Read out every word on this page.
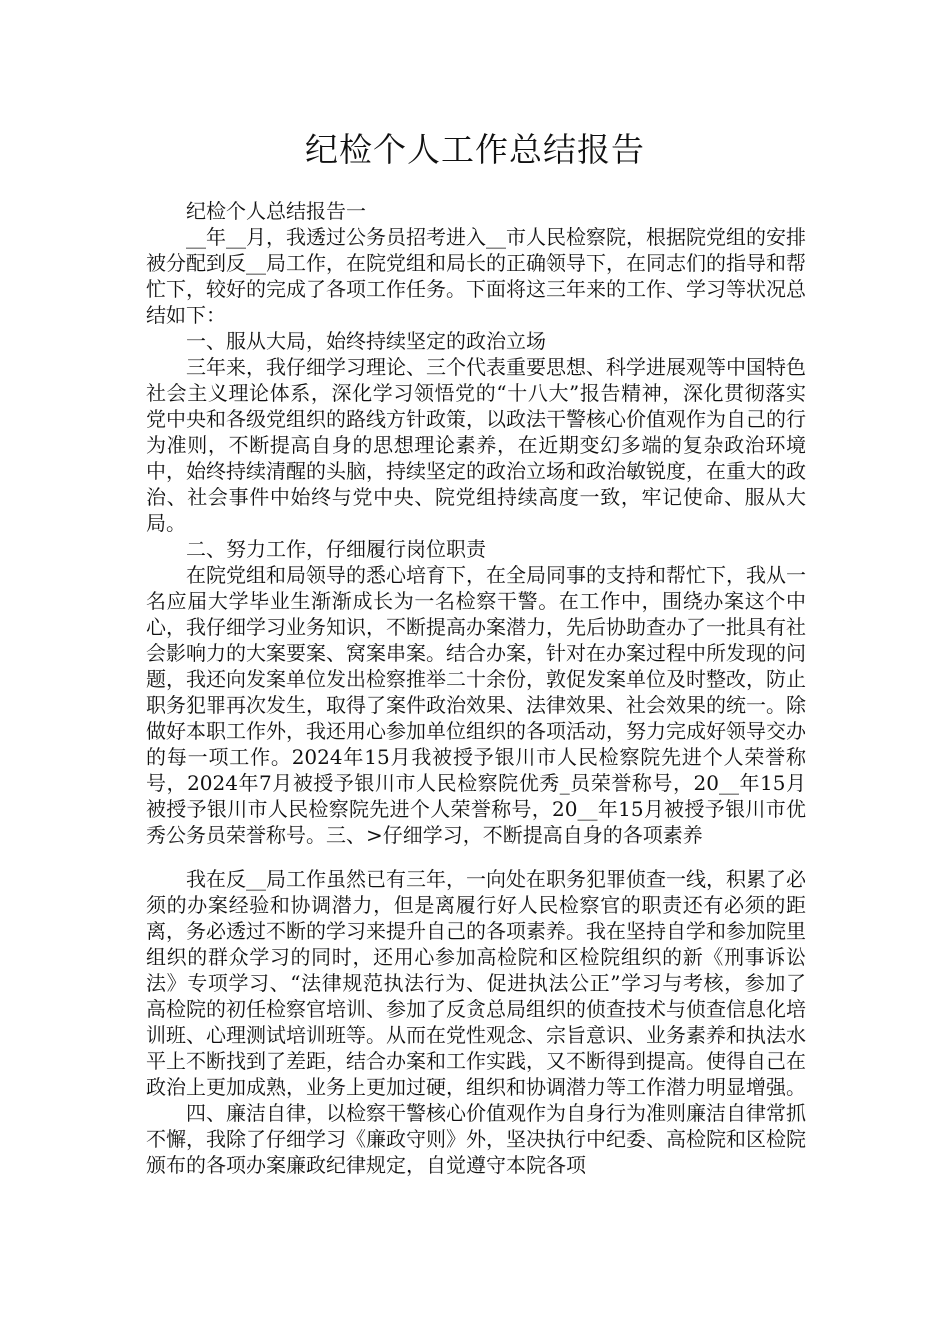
纪检个人工作总结报告

纪检个人总结报告一

__年__月，我透过公务员招考进入__市人民检察院，根据院党组的安排被分配到反__局工作，在院党组和局长的正确领导下，在同志们的指导和帮忙下，较好的完成了各项工作任务。下面将这三年来的工作、学习等状况总结如下：

一、服从大局，始终持续坚定的政治立场

三年来，我仔细学习理论、三个代表重要思想、科学进展观等中国特色社会主义理论体系，深化学习领悟党的“十八大”报告精神，深化贯彻落实党中央和各级党组织的路线方针政策，以政法干警核心价值观作为自己的行为准则，不断提高自身的思想理论素养，在近期变幻多端的复杂政治环境中，始终持续清醒的头脑，持续坚定的政治立场和政治敏锐度，在重大的政治、社会事件中始终与党中央、院党组持续高度一致，牢记使命、服从大局。

二、努力工作，仔细履行岗位职责

在院党组和局领导的悉心培育下，在全局同事的支持和帮忙下，我从一名应届大学毕业生渐渐成长为一名检察干警。在工作中，围绕办案这个中心，我仔细学习业务知识，不断提高办案潜力，先后协助查办了一批具有社会影响力的大案要案、窝案串案。结合办案，针对在办案过程中所发现的问题，我还向发案单位发出检察推举二十余份，敦促发案单位及时整改，防止职务犯罪再次发生，取得了案件政治效果、法律效果、社会效果的统一。除做好本职工作外，我还用心参加单位组织的各项活动，努力完成好领导交办的每一项工作。2024年15月我被授予银川市人民检察院先进个人荣誉称号，2024年7月被授予银川市人民检察院优秀_员荣誉称号，20__年15月被授予银川市人民检察院先进个人荣誉称号，20__年15月被授予银川市优秀公务员荣誉称号。三、>仔细学习，不断提高自身的各项素养

我在反__局工作虽然已有三年，一向处在职务犯罪侦查一线，积累了必须的办案经验和协调潜力，但是离履行好人民检察官的职责还有必须的距离，务必透过不断的学习来提升自己的各项素养。我在坚持自学和参加院里组织的群众学习的同时，还用心参加高检院和区检院组织的新《刑事诉讼法》专项学习、“法律规范执法行为、促进执法公正”学习与考核，参加了高检院的初任检察官培训、参加了反贪总局组织的侦查技术与侦查信息化培训班、心理测试培训班等。从而在党性观念、宗旨意识、业务素养和执法水平上不断找到了差距，结合办案和工作实践，又不断得到提高。使得自己在政治上更加成熟，业务上更加过硬，组织和协调潜力等工作潜力明显增强。

四、廉洁自律，以检察干警核心价值观作为自身行为准则廉洁自律常抓不懈，我除了仔细学习《廉政守则》外，坚决执行中纪委、高检院和区检院颁布的各项办案廉政纪律规定，自觉遵守本院各项
